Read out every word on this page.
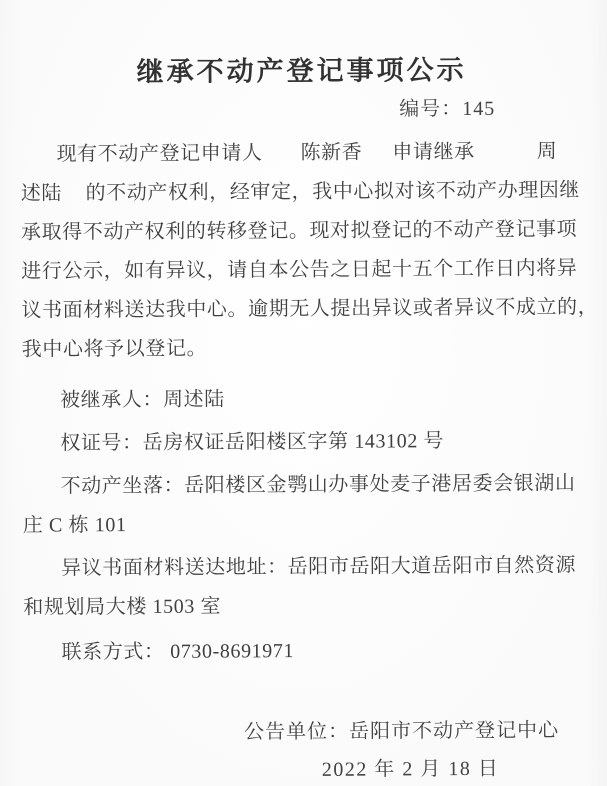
继承不动产登记事项公示
编号：145
现有不动产登记申请人 陈新香 申请继承	周
述陆 的不动产权利，经审定，我中心拟对该不动产办理因继
承取得不动产权利的转移登记。现对拟登记的不动产登记事项
进行公示，如有异议，请自本公告之日起十五个工作日内将异
议书面材料送达我中心。逾期无人提出异议或者异议不成立的，
我中心将予以登记。
被继承人：周述陆
权证号：岳房权证岳阳楼区字第 143102 号
不动产坐落：岳阳楼区金鹗山办事处麦子港居委会银湖山
庄 C 栋 101
异议书面材料送达地址：岳阳市岳阳大道岳阳市自然资源
和规划局大楼 1503 室
联系方式： 0730-8691971
公告单位：岳阳市不动产登记中心
2022 年 2 月 18 日
